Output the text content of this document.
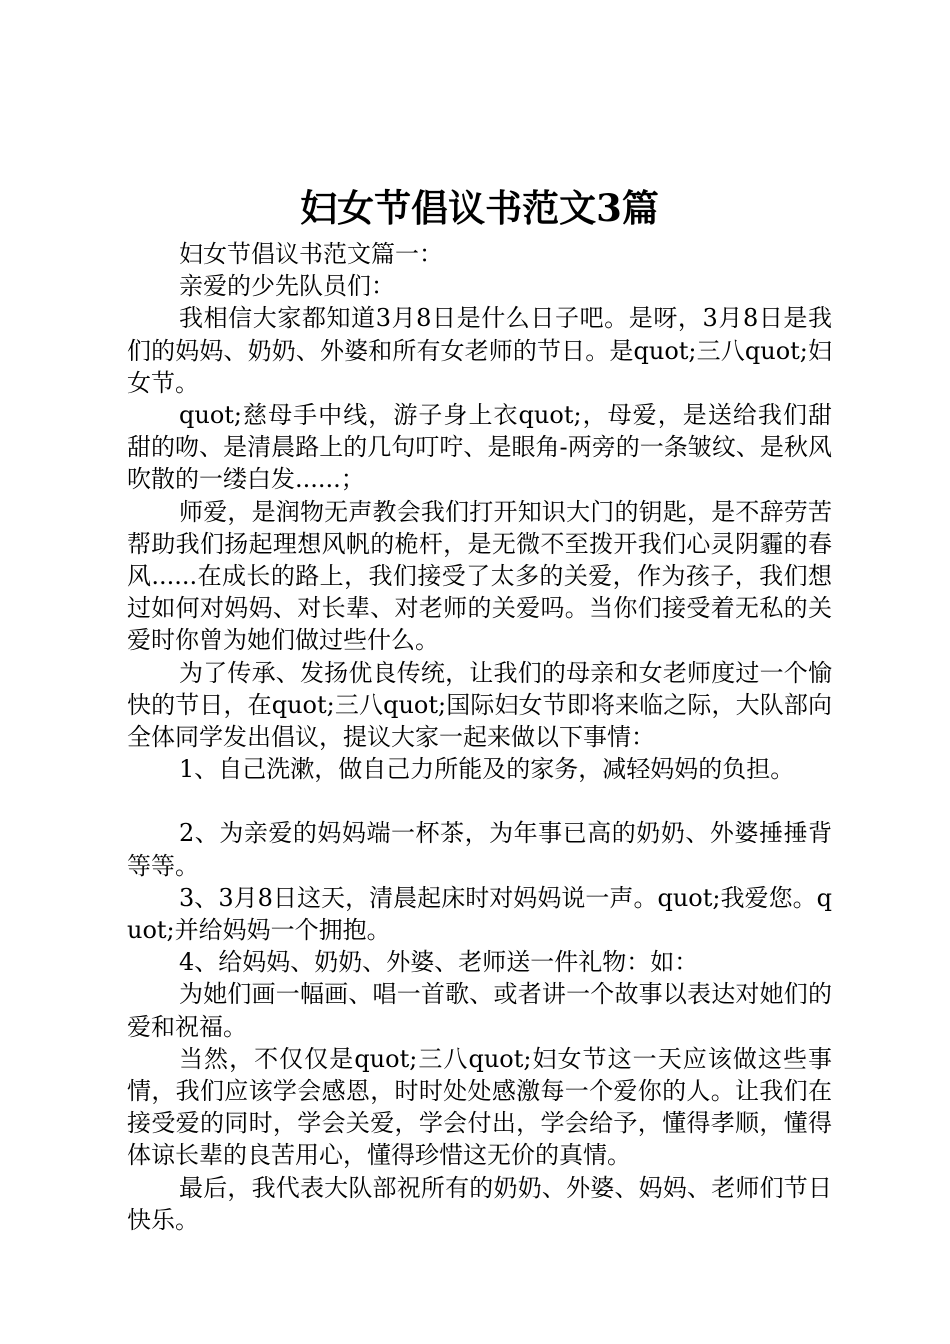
妇女节倡议书范文3篇

妇女节倡议书范文篇一：

亲爱的少先队员们：

我相信大家都知道3月8日是什么日子吧。是呀，3月8日是我们的妈妈、奶奶、外婆和所有女老师的节日。是quot;三八quot;妇女节。

quot;慈母手中线，游子身上衣quot;，母爱，是送给我们甜甜的吻、是清晨路上的几句叮咛、是眼角-两旁的一条皱纹、是秋风吹散的一缕白发......；

师爱，是润物无声教会我们打开知识大门的钥匙，是不辞劳苦帮助我们扬起理想风帆的桅杆，是无微不至拨开我们心灵阴霾的春风......在成长的路上，我们接受了太多的关爱，作为孩子，我们想过如何对妈妈、对长辈、对老师的关爱吗。当你们接受着无私的关爱时你曾为她们做过些什么。

为了传承、发扬优良传统，让我们的母亲和女老师度过一个愉快的节日，在quot;三八quot;国际妇女节即将来临之际，大队部向全体同学发出倡议，提议大家一起来做以下事情：

1、自己洗漱，做自己力所能及的家务，减轻妈妈的负担。

2、为亲爱的妈妈端一杯茶，为年事已高的奶奶、外婆捶捶背等等。

3、3月8日这天，清晨起床时对妈妈说一声。quot;我爱您。quot;并给妈妈一个拥抱。

4、给妈妈、奶奶、外婆、老师送一件礼物：如：

为她们画一幅画、唱一首歌、或者讲一个故事以表达对她们的爱和祝福。

当然，不仅仅是quot;三八quot;妇女节这一天应该做这些事情，我们应该学会感恩，时时处处感激每一个爱你的人。让我们在接受爱的同时，学会关爱，学会付出，学会给予，懂得孝顺，懂得体谅长辈的良苦用心，懂得珍惜这无价的真情。

最后，我代表大队部祝所有的奶奶、外婆、妈妈、老师们节日快乐。
